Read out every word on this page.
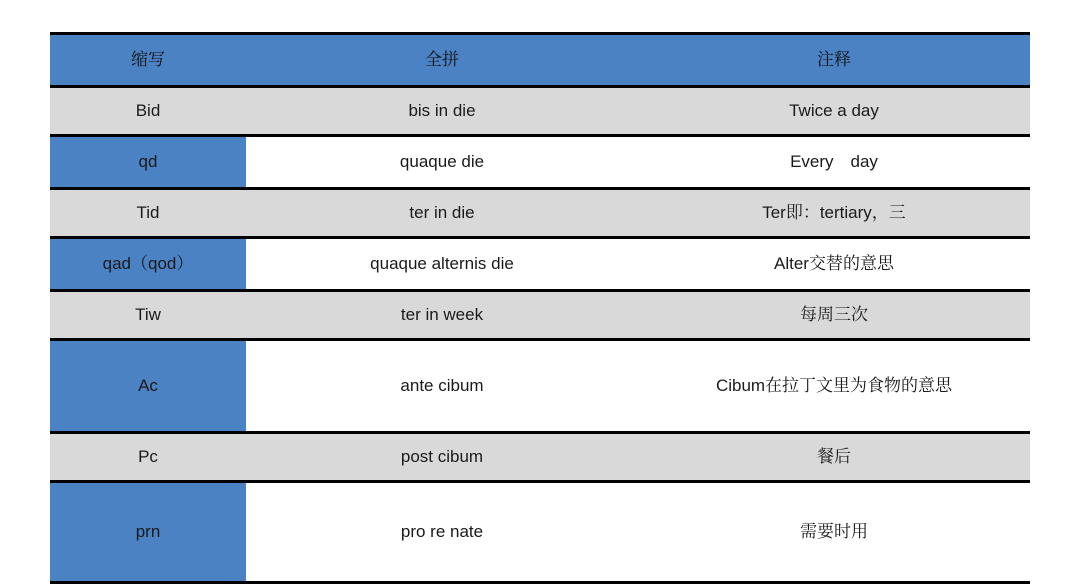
缩写	全拼	注释
Bid	bis in die	Twice a day
qd	quaque die	Every　day
Tid	ter in die	Ter即：tertiary，三
qad（qod）	quaque alternis die	Alter交替的意思
Tiw	ter in week	每周三次
Ac	ante cibum	Cibum在拉丁文里为食物的意思
Pc	post cibum	餐后
prn	pro re nate	需要时用
